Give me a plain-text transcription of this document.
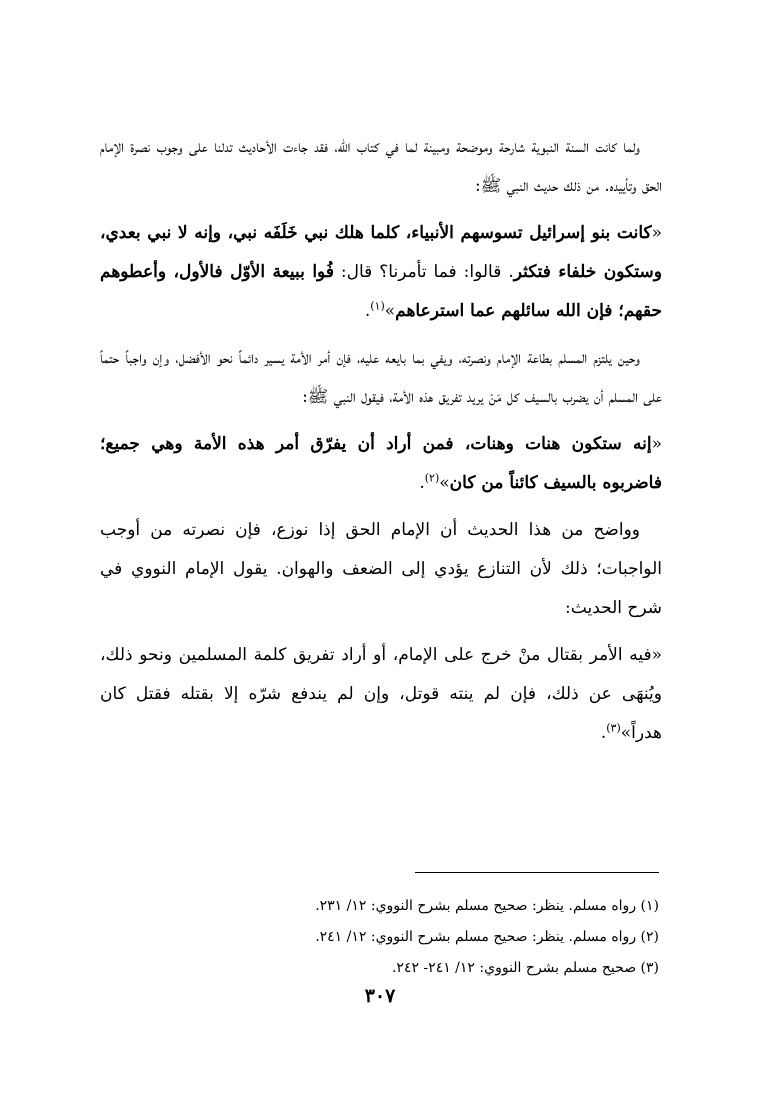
ولما كانت السنة النبوية شارحة وموضحة ومبينة لما في كتاب الله، فقد جاءت الأحاديث تدلنا على وجوب نصرة الإمام الحق وتأييده. من ذلك حديث النبي ﷺ:

«كانت بنو إسرائيل تسوسهم الأنبياء، كلما هلك نبي خَلَفَه نبي، وإنه لا نبي بعدي، وستكون خلفاء فتكثر. قالوا: فما تأمرنا؟ قال: فُوا ببيعة الأوّل فالأول، وأعطوهم حقهم؛ فإن الله سائلهم عما استرعاهم»$^{(١)}$.

وحين يلتزم المسلم بطاعة الإمام ونصرته، ويفي بما بايعه عليه، فإن أمر الأمة يسير دائماً نحو الأفضل، وإن واجباً حتماً على المسلم أن يضرب بالسيف كل مَنْ يريد تفريق هذه الأمة، فيقول النبي ﷺ:

«إنه ستكون هنات وهنات، فمن أراد أن يفرّق أمر هذه الأمة وهي جميع؛ فاضربوه بالسيف كائناً من كان»$^{(٢)}$.

وواضح من هذا الحديث أن الإمام الحق إذا نوزع، فإن نصرته من أوجب الواجبات؛ ذلك لأن التنازع يؤدي إلى الضعف والهوان. يقول الإمام النووي في شرح الحديث:

«فيه الأمر بقتال منْ خرج على الإمام، أو أراد تفريق كلمة المسلمين ونحو ذلك، ويُنهَى عن ذلك، فإن لم ينته قوتل، وإن لم يندفع شرّه إلا بقتله فقتل كان هدراً»$^{(٣)}$.

(١) رواه مسلم. ينظر: صحيح مسلم بشرح النووي: ١٢/ ٢٣١.

(٢) رواه مسلم. ينظر: صحيح مسلم بشرح النووي: ١٢/ ٢٤١.

(٣) صحيح مسلم بشرح النووي: ١٢/ ٢٤١- ٢٤٢.

٣٠٧
